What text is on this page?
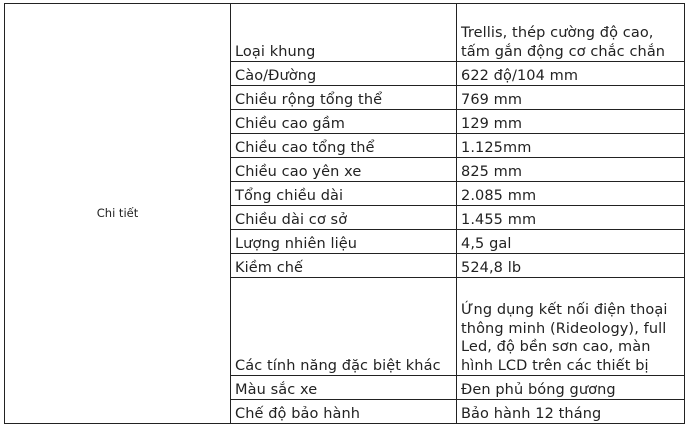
Chi tiết	Loại khung	Trellis, thép cường độ cao, tấm gắn động cơ chắc chắn
	Cào/Đường	622 độ/104 mm
	Chiều rộng tổng thể	769 mm
	Chiều cao gầm	129 mm
	Chiều cao tổng thể	1.125mm
	Chiều cao yên xe	825 mm
	Tổng chiều dài	2.085 mm
	Chiều dài cơ sở	1.455 mm
	Lượng nhiên liệu	4,5 gal
	Kiềm chế	524,8 lb
	Các tính năng đặc biệt khác	Ứng dụng kết nối điện thoại thông minh (Rideology), full Led, độ bền sơn cao, màn hình LCD trên các thiết bị
	Màu sắc xe	Đen phủ bóng gương
	Chế độ bảo hành	Bảo hành 12 tháng
